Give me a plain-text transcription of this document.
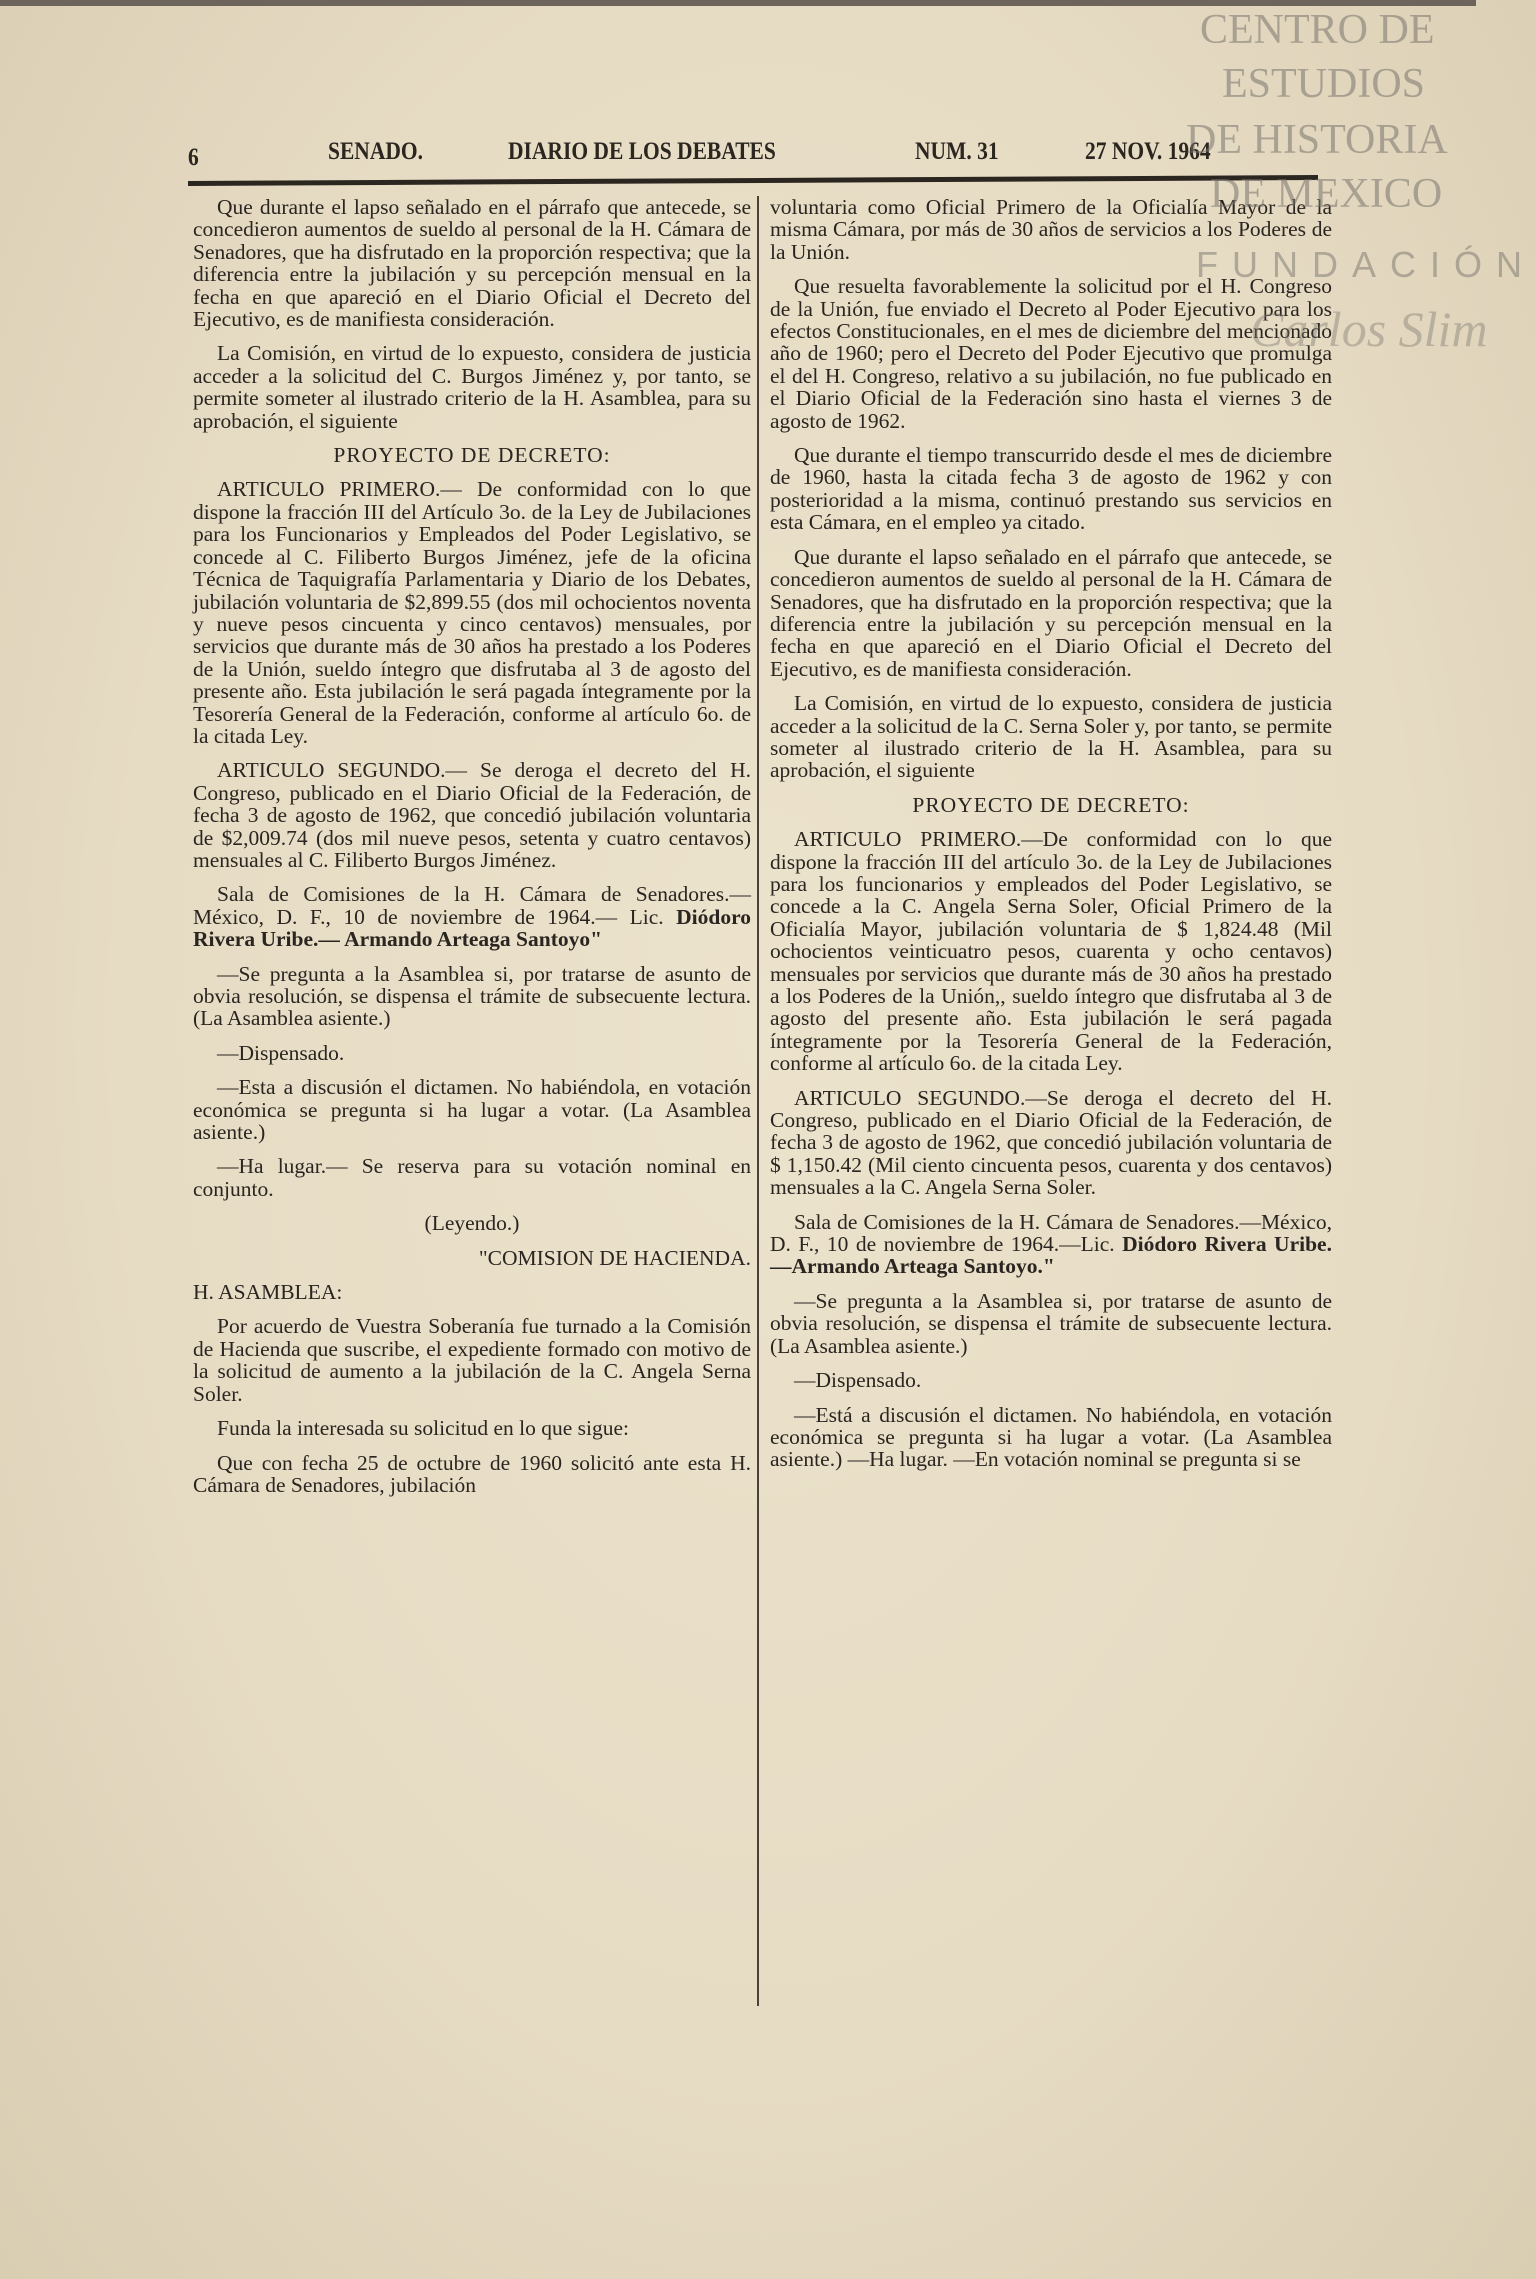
6	SENADO.	DIARIO DE LOS DEBATES	NUM. 31	27 NOV. 1964

Que durante el lapso señalado en el párrafo que antecede, se concedieron aumentos de sueldo al personal de la H. Cámara de Senadores, que ha disfrutado en la proporción respectiva; que la diferencia entre la jubilación y su percepción mensual en la fecha en que apareció en el Diario Oficial el Decreto del Ejecutivo, es de manifiesta consideración.

La Comisión, en virtud de lo expuesto, considera de justicia acceder a la solicitud del C. Burgos Jiménez y, por tanto, se permite someter al ilustrado criterio de la H. Asamblea, para su aprobación, el siguiente

PROYECTO DE DECRETO:

ARTICULO PRIMERO.— De conformidad con lo que dispone la fracción III del Artículo 3o. de la Ley de Jubilaciones para los Funcionarios y Empleados del Poder Legislativo, se concede al C. Filiberto Burgos Jiménez, jefe de la oficina Técnica de Taquigrafía Parlamentaria y Diario de los Debates, jubilación voluntaria de $2,899.55 (dos mil ochocientos noventa y nueve pesos cincuenta y cinco centavos) mensuales, por servicios que durante más de 30 años ha prestado a los Poderes de la Unión, sueldo íntegro que disfrutaba al 3 de agosto del presente año. Esta jubilación le será pagada íntegramente por la Tesorería General de la Federación, conforme al artículo 6o. de la citada Ley.

ARTICULO SEGUNDO.— Se deroga el decreto del H. Congreso, publicado en el Diario Oficial de la Federación, de fecha 3 de agosto de 1962, que concedió jubilación voluntaria de $2,009.74 (dos mil nueve pesos, setenta y cuatro centavos) mensuales al C. Filiberto Burgos Jiménez.

Sala de Comisiones de la H. Cámara de Senadores.— México, D. F., 10 de noviembre de 1964.— Lic. Diódoro Rivera Uribe.— Armando Arteaga Santoyo"

—Se pregunta a la Asamblea si, por tratarse de asunto de obvia resolución, se dispensa el trámite de subsecuente lectura. (La Asamblea asiente.)

—Dispensado.

—Esta a discusión el dictamen. No habiéndola, en votación económica se pregunta si ha lugar a votar. (La Asamblea asiente.)

—Ha lugar.— Se reserva para su votación nominal en conjunto.

(Leyendo.)

"COMISION DE HACIENDA.

H. ASAMBLEA:

Por acuerdo de Vuestra Soberanía fue turnado a la Comisión de Hacienda que suscribe, el expediente formado con motivo de la solicitud de aumento a la jubilación de la C. Angela Serna Soler.

Funda la interesada su solicitud en lo que sigue:

Que con fecha 25 de octubre de 1960 solicitó ante esta H. Cámara de Senadores, jubilación

voluntaria como Oficial Primero de la Oficialía Mayor de la misma Cámara, por más de 30 años de servicios a los Poderes de la Unión.

Que resuelta favorablemente la solicitud por el H. Congreso de la Unión, fue enviado el Decreto al Poder Ejecutivo para los efectos Constitucionales, en el mes de diciembre del mencionado año de 1960; pero el Decreto del Poder Ejecutivo que promulga el del H. Congreso, relativo a su jubilación, no fue publicado en el Diario Oficial de la Federación sino hasta el viernes 3 de agosto de 1962.

Que durante el tiempo transcurrido desde el mes de diciembre de 1960, hasta la citada fecha 3 de agosto de 1962 y con posterioridad a la misma, continuó prestando sus servicios en esta Cámara, en el empleo ya citado.

Que durante el lapso señalado en el párrafo que antecede, se concedieron aumentos de sueldo al personal de la H. Cámara de Senadores, que ha disfrutado en la proporción respectiva; que la diferencia entre la jubilación y su percepción mensual en la fecha en que apareció en el Diario Oficial el Decreto del Ejecutivo, es de manifiesta consideración.

La Comisión, en virtud de lo expuesto, considera de justicia acceder a la solicitud de la C. Serna Soler y, por tanto, se permite someter al ilustrado criterio de la H. Asamblea, para su aprobación, el siguiente

PROYECTO DE DECRETO:

ARTICULO PRIMERO.—De conformidad con lo que dispone la fracción III del artículo 3o. de la Ley de Jubilaciones para los funcionarios y empleados del Poder Legislativo, se concede a la C. Angela Serna Soler, Oficial Primero de la Oficialía Mayor, jubilación voluntaria de $ 1,824.48 (Mil ochocientos veinticuatro pesos, cuarenta y ocho centavos) mensuales por servicios que durante más de 30 años ha prestado a los Poderes de la Unión,, sueldo íntegro que disfrutaba al 3 de agosto del presente año. Esta jubilación le será pagada íntegramente por la Tesorería General de la Federación, conforme al artículo 6o. de la citada Ley.

ARTICULO SEGUNDO.—Se deroga el decreto del H. Congreso, publicado en el Diario Oficial de la Federación, de fecha 3 de agosto de 1962, que concedió jubilación voluntaria de $ 1,150.42 (Mil ciento cincuenta pesos, cuarenta y dos centavos) mensuales a la C. Angela Serna Soler.

Sala de Comisiones de la H. Cámara de Senadores.—México, D. F., 10 de noviembre de 1964.—Lic. Diódoro Rivera Uribe.—Armando Arteaga Santoyo."

—Se pregunta a la Asamblea si, por tratarse de asunto de obvia resolución, se dispensa el trámite de subsecuente lectura. (La Asamblea asiente.)

—Dispensado.

—Está a discusión el dictamen. No habiéndola, en votación económica se pregunta si ha lugar a votar. (La Asamblea asiente.) —Ha lugar. —En votación nominal se pregunta si se

CENTRO DE
ESTUDIOS
DE HISTORIA
DE MEXICO
FUNDACIÓN
Carlos Slim
